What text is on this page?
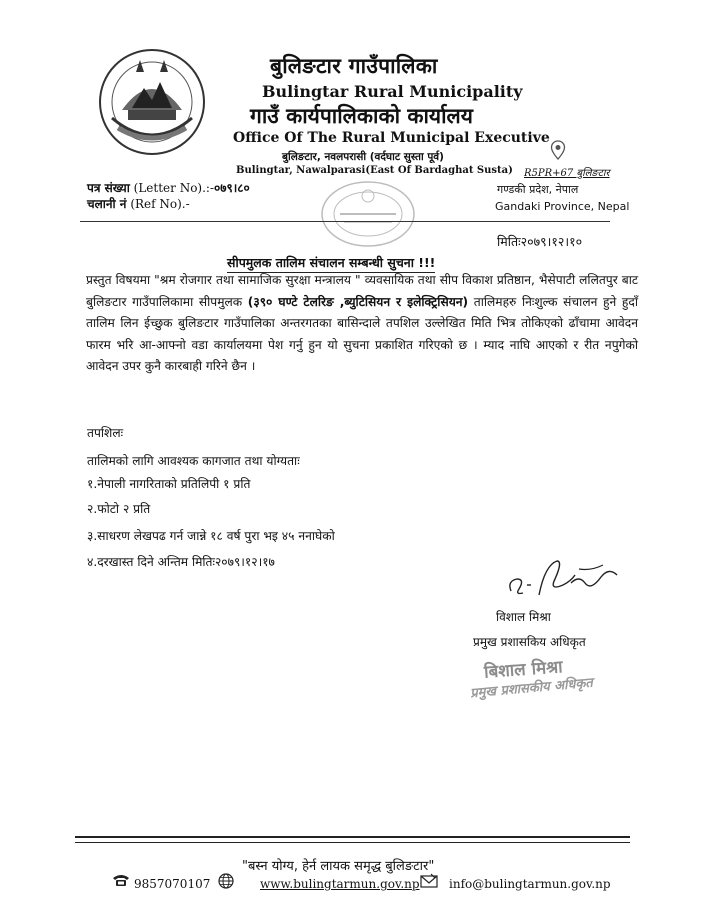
बुलिङटार गाउँपालिका
Bulingtar Rural Municipality
गाउँ कार्यपालिकाको कार्यालय
Office Of The Rural Municipal Executive
बुलिङटार, नवलपरासी (वर्दघाट सुस्ता पूर्व)
Bulingtar, Nawalparasi(East Of Bardaghat Susta) R5PR+67 बुलिङटार
गण्डकी प्रदेश, नेपाल
Gandaki Province, Nepal
पत्र संख्या (Letter No).:-०७९।८०
चलानी नं (Ref No).-
मितिः२०७९।१२।१०
सीपमुलक तालिम संचालन सम्बन्धी सुचना !!!
प्रस्तुत विषयमा "श्रम रोजगार तथा सामाजिक सुरक्षा मन्त्रालय " व्यवसायिक तथा सीप विकाश प्रतिष्ठान, भैसेपाटी ललितपुर बाट बुलिङटार गाउँपालिकामा सीपमुलक (३९० घण्टे टेलरिङ ,ब्युटिसियन र इलेक्ट्रिसियन) तालिमहरु निःशुल्क संचालन हुने हुदाँ तालिम लिन ईच्छुक बुलिङटार गाउँपालिका अन्तरगतका बासिन्दाले तपशिल उल्लेखित मिति भित्र तोकिएको ढाँचामा आवेदन फारम भरि आ-आफ्नो वडा कार्यालयमा पेश गर्नु हुन यो सुचना प्रकाशित गरिएको छ । म्याद नाघि आएको र रीत नपुगेको आवेदन उपर कुनै कारबाही गरिने छैन ।
तपशिलः
तालिमको लागि आवश्यक कागजात तथा योग्यताः
१.नेपाली नागरिताको प्रतिलिपी १ प्रति
२.फोटो २ प्रति
३.साधरण लेखपढ गर्न जान्ने १८ वर्ष पुरा भइ ४५ ननाघेको
४.दरखास्त दिने अन्तिम मितिः२०७९।१२।१७
विशाल मिश्रा
प्रमुख प्रशासकिय अधिकृत
बिशाल मिश्रा
प्रमुख प्रशासकीय अधिकृत
"बस्न योग्य, हेर्न लायक समृद्ध बुलिङटार"
9857070107	www.bulingtarmun.gov.np info@bulingtarmun.gov.np
